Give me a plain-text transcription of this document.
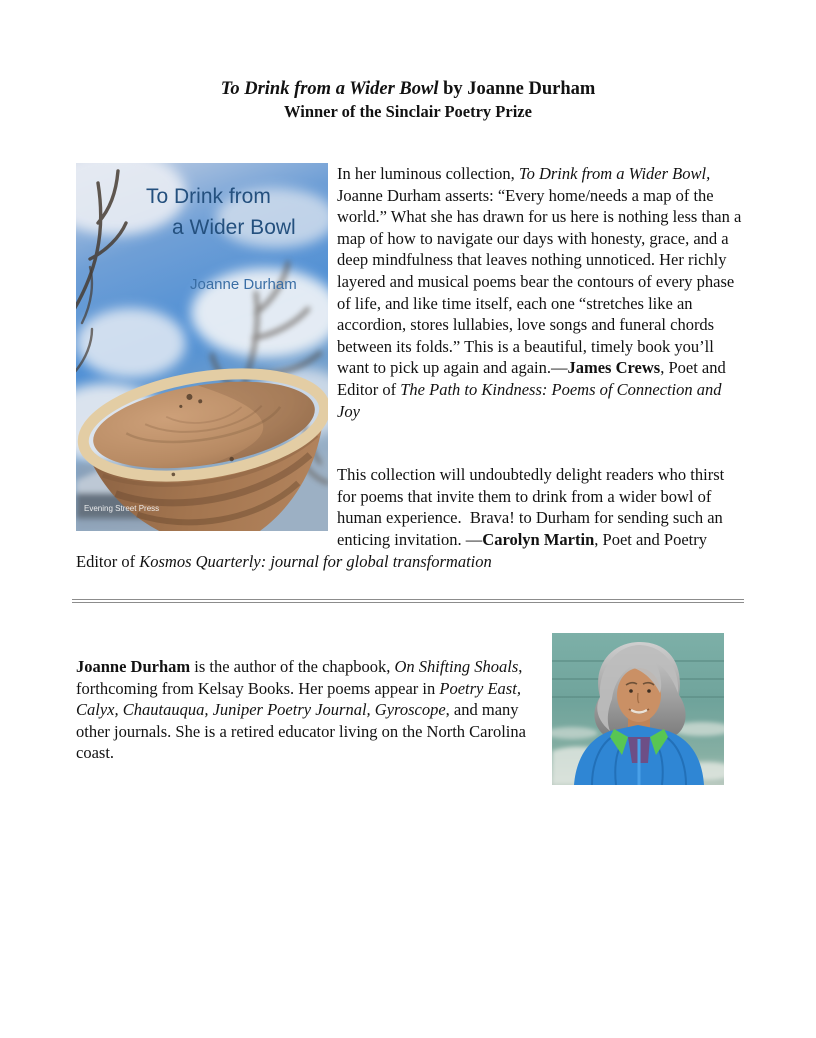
To Drink from a Wider Bowl by Joanne Durham
Winner of the Sinclair Poetry Prize
To Drink from
a Wider Bowl
Joanne Durham
Evening Street Press

In her luminous collection, To Drink from a Wider Bowl, Joanne Durham asserts: “Every home/needs a map of the world.” What she has drawn for us here is nothing less than a map of how to navigate our days with honesty, grace, and a deep mindfulness that leaves nothing unnoticed. Her richly layered and musical poems bear the contours of every phase of life, and like time itself, each one “stretches like an accordion, stores lullabies, love songs and funeral chords between its folds.” This is a beautiful, timely book you’ll want to pick up again and again.—James Crews, Poet and Editor of The Path to Kindness: Poems of Connection and Joy

This collection will undoubtedly delight readers who thirst for poems that invite them to drink from a wider bowl of human experience.  Brava! to Durham for sending such an enticing invitation. —Carolyn Martin, Poet and Poetry Editor of Kosmos Quarterly: journal for global transformation

Joanne Durham is the author of the chapbook, On Shifting Shoals, forthcoming from Kelsay Books. Her poems appear in Poetry East, Calyx, Chautauqua, Juniper Poetry Journal, Gyroscope, and many other journals. She is a retired educator living on the North Carolina coast.
